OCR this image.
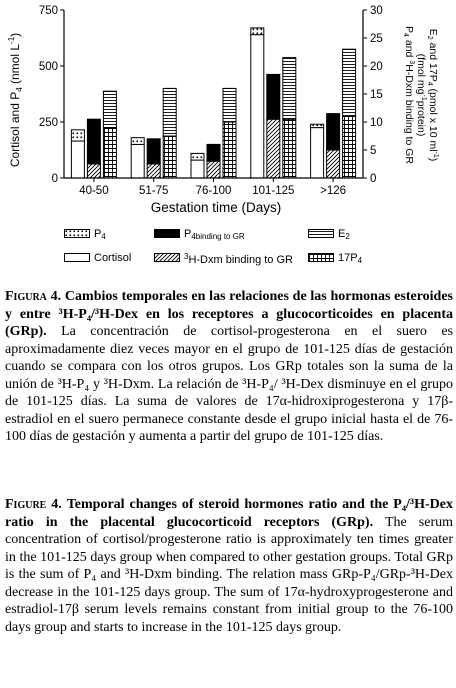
40-50	51-75 76-100 101-125 >126
0
250
500
750
0
5
10
15
20
25
30
Cortisol and $P_4$ (nmol $L^{-1}$)
P4 and $^3$H-Dxm binding to GR (fmol $mg^{-1}protein$)
E2 and 17P4 (pmol x 10 $ml^{-1}$)
Gestation time (Days)
$P_4$	$P_{4binding to GR}$	$E_2$
Cortisol	$^3$H-Dxm binding to GR	$17P_4$
Figura 4. Cambios temporales en las relaciones de las hormonas esteroides y entre ³H-P₄/³H-Dex en los receptores a glucocorticoides en placenta (GRp). La concentración de cortisol-progesterona en el suero es aproximadamente diez veces mayor en el grupo de 101-125 días de gestación cuando se compara con los otros grupos. Los GRp totales son la suma de la unión de ³H-P₄ y ³H-Dxm. La relación de ³H-P₄/ ³H-Dex disminuye en el grupo de 101-125 días. La suma de valores de 17α-hidroxiprogesterona y 17β-estradiol en el suero permanece constante desde el grupo inicial hasta el de 76-100 días de gestación y aumenta a partir del grupo de 101-125 días.
Figure 4. Temporal changes of steroid hormones ratio and the P₄/³H-Dex ratio in the placental glucocorticoid receptors (GRp). The serum concentration of cortisol/progesterone ratio is approximately ten times greater in the 101-125 days group when compared to other gestation groups. Total GRp is the sum of P₄ and ³H-Dxm binding. The relation mass GRp-P₄/GRp-³H-Dex decrease in the 101-125 days group. The sum of 17α-hydroxyprogesterone and estradiol-17β serum levels remains constant from initial group to the 76-100 days group and starts to increase in the 101-125 days group.
